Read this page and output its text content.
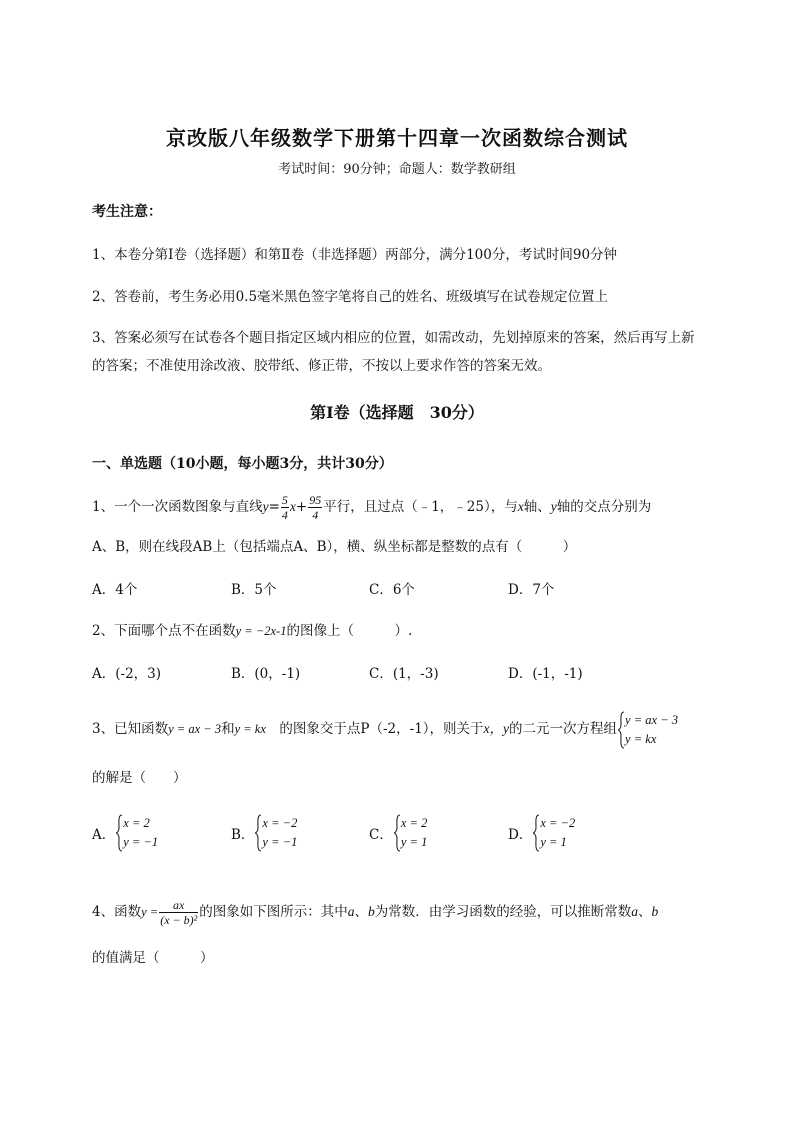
京改版八年级数学下册第十四章一次函数综合测试
考试时间：90分钟；命题人：数学教研组
考生注意：
1、本卷分第I卷（选择题）和第Ⅱ卷（非选择题）两部分，满分100分，考试时间90分钟
2、答卷前，考生务必用0.5毫米黑色签字笔将自己的姓名、班级填写在试卷规定位置上
3、答案必须写在试卷各个题目指定区域内相应的位置，如需改动，先划掉原来的答案，然后再写上新
的答案；不准使用涂改液、胶带纸、修正带，不按以上要求作答的答案无效。
第I卷（选择题　30分）
一、单选题（10小题，每小题3分，共计30分）
1、一个一次函数图象与直线$y= \frac{5}{4} x+ \frac{95}{4}$ 平行，且过点（﹣1，﹣25），与x轴、y轴的交点分别为
A、B，则在线段AB上（包括端点A、B），横、纵坐标都是整数的点有（　　　）
A．4个	B．5个	C．6个	D．7个
2、下面哪个点不在函数y = −2x-1的图像上（　　　）.
A．(-2，3)	B．(0，-1)	C．(1，-3)	D．(-1，-1)
3、已知函数y = ax − 3和y = kx　的图象交于点P（-2，-1），则关于x，y的二元一次方程组
y = ax − 3
y = kx
的解是（　　）
A．
x = 2
y = −1	B．
x = −2
y = −1	C．
x = 2
y = 1	D．
x = −2
y = 1
4、函数$y = \frac{ax}{\text{(x − b)²}}$ 的图象如下图所示：其中a、b为常数．由学习函数的经验，可以推断常数a、b
的值满足（　　　）
